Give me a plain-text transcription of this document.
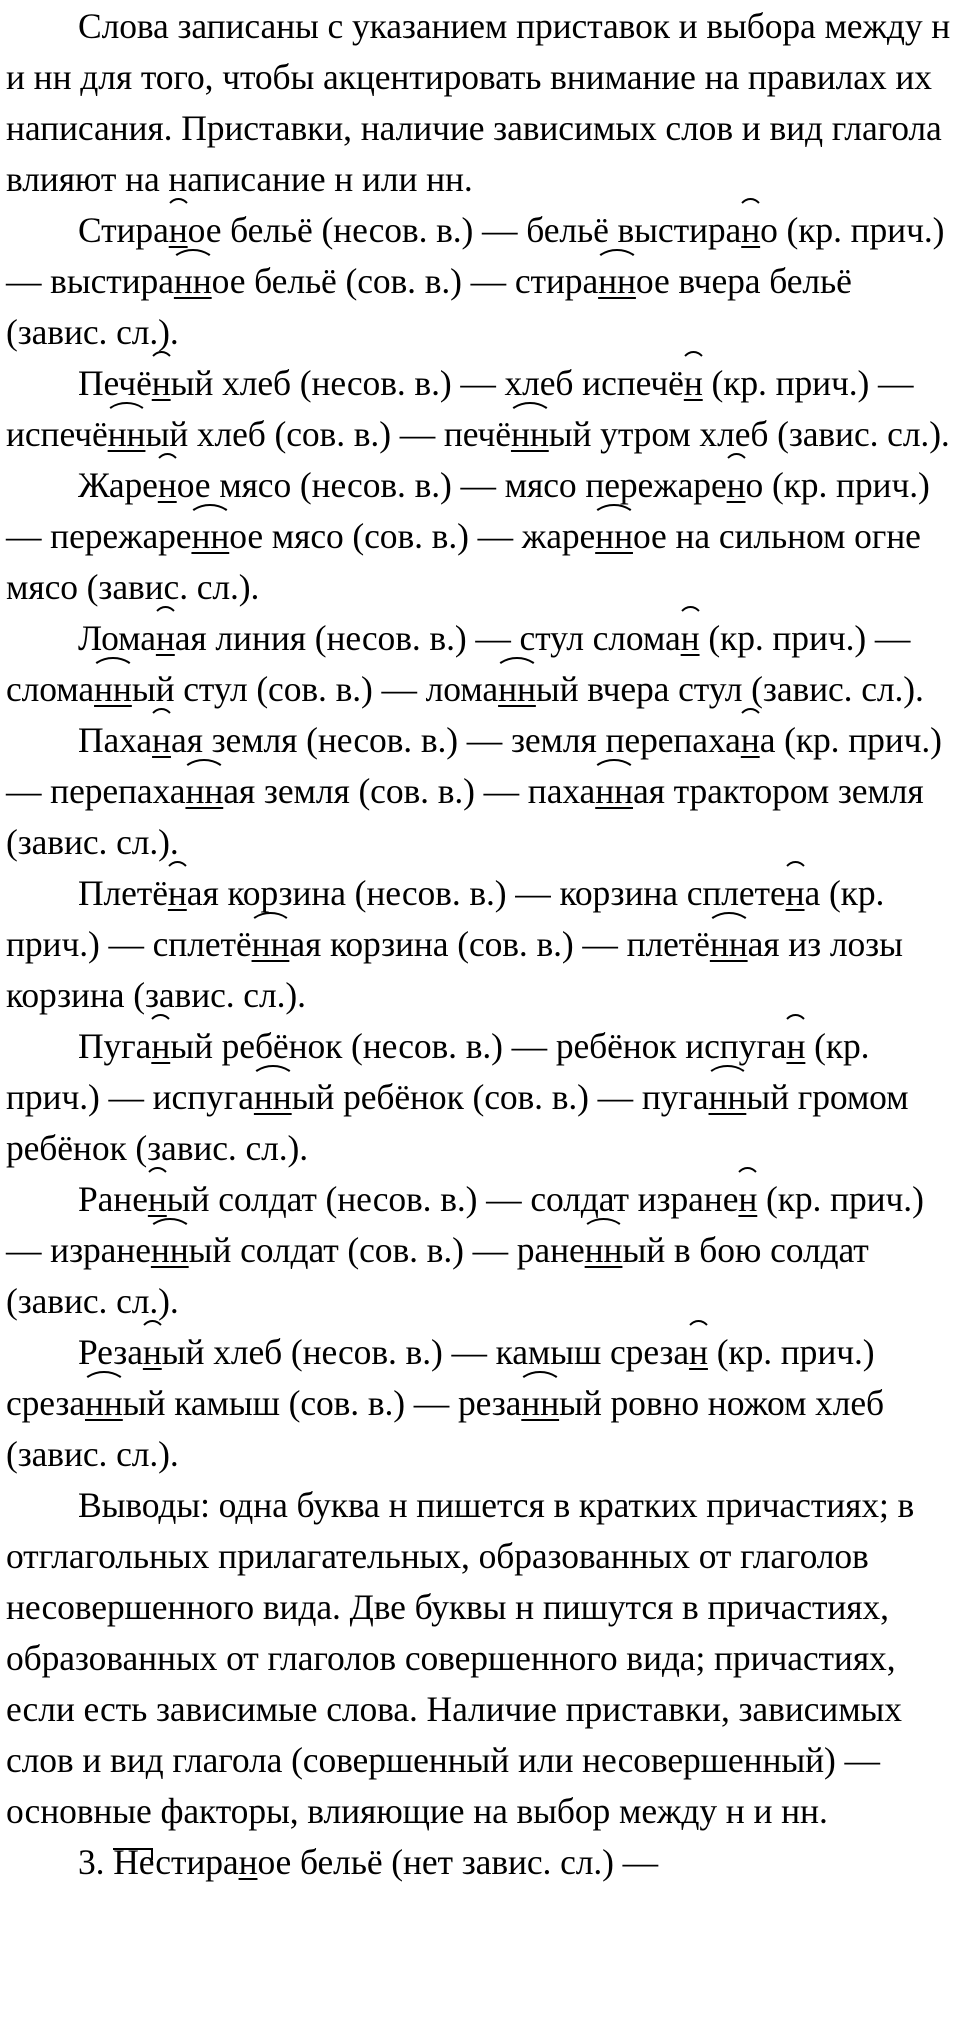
Слова записаны с указанием приставок и выбора между н и нн для того, чтобы акцентировать внимание на правилах их написания. Приставки, наличие зависимых слов и вид глагола влияют на написание н или нн.

Стираное бельё (несов. в.) — бельё выстирано (кр. прич.) — выстиранное бельё (сов. в.) — стиранное вчера бельё (завис. сл.).

Печёный хлеб (несов. в.) — хлеб испечён (кр. прич.) — испечённый хлеб (сов. в.) — печённый утром хлеб (завис. сл.).

Жареное мясо (несов. в.) — мясо пережарено (кр. прич.) — пережаренное мясо (сов. в.) — жаренное на сильном огне мясо (завис. сл.).

Ломаная линия (несов. в.) — стул сломан (кр. прич.) — сломанный стул (сов. в.) — ломанный вчера стул (завис. сл.).

Паханая земля (несов. в.) — земля перепахана (кр. прич.) — перепаханная земля (сов. в.) — паханная трактором земля (завис. сл.).

Плетёная корзина (несов. в.) — корзина сплетена (кр. прич.) — сплетённая корзина (сов. в.) — плетённая из лозы корзина (завис. сл.).

Пуганый ребёнок (несов. в.) — ребёнок испуган (кр. прич.) — испуганный ребёнок (сов. в.) — пуганный громом ребёнок (завис. сл.).

Раненый солдат (несов. в.) — солдат изранен (кр. прич.) — израненный солдат (сов. в.) — раненный в бою солдат (завис. сл.).

Резаный хлеб (несов. в.) — камыш срезан (кр. прич.) срезанный камыш (сов. в.) — резанный ровно ножом хлеб (завис. сл.).

Выводы: одна буква н пишется в кратких причастиях; в отглагольных прилагательных, образованных от глаголов несовершенного вида. Две буквы н пишутся в причастиях, образованных от глаголов совершенного вида; причастиях, если есть зависимые слова. Наличие приставки, зависимых слов и вид глагола (совершенный или несовершенный) — основные факторы, влияющие на выбор между н и нн.

3. Нестираное бельё (нет завис. сл.) —
